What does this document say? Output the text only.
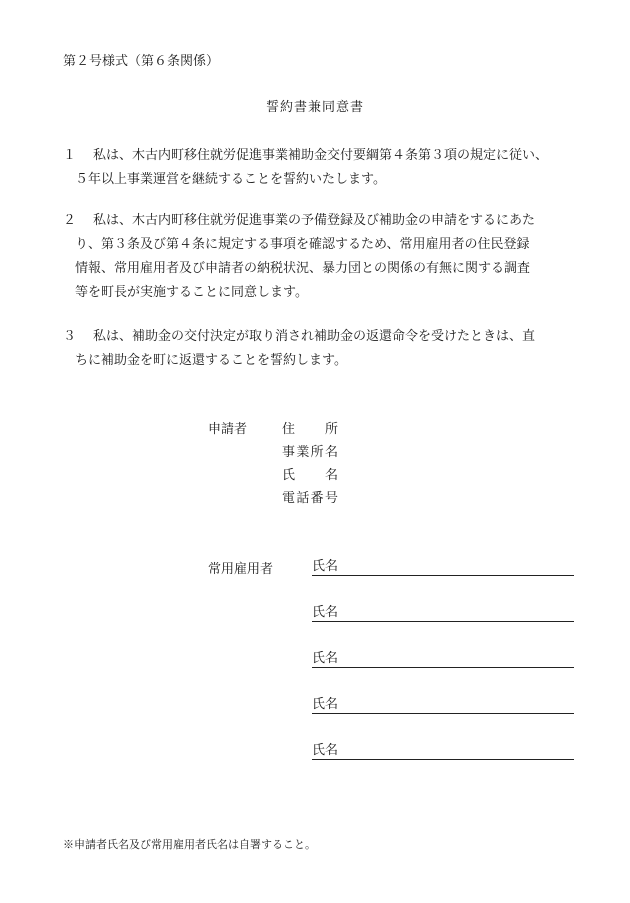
第２号様式（第６条関係）
誓約書兼同意書
１	私は、木古内町移住就労促進事業補助金交付要綱第４条第３項の規定に従い、
５年以上事業運営を継続することを誓約いたします。
２	私は、木古内町移住就労促進事業の予備登録及び補助金の申請をするにあた
り、第３条及び第４条に規定する事項を確認するため、常用雇用者の住民登録
情報、常用雇用者及び申請者の納税状況、暴力団との関係の有無に関する調査
等を町長が実施することに同意します。
３	私は、補助金の交付決定が取り消され補助金の返還命令を受けたときは、直
ちに補助金を町に返還することを誓約します。
申請者	住所
事業所名
氏名
電話番号
常用雇用者	氏名
氏名
氏名
氏名
氏名
※申請者氏名及び常用雇用者氏名は自署すること。
